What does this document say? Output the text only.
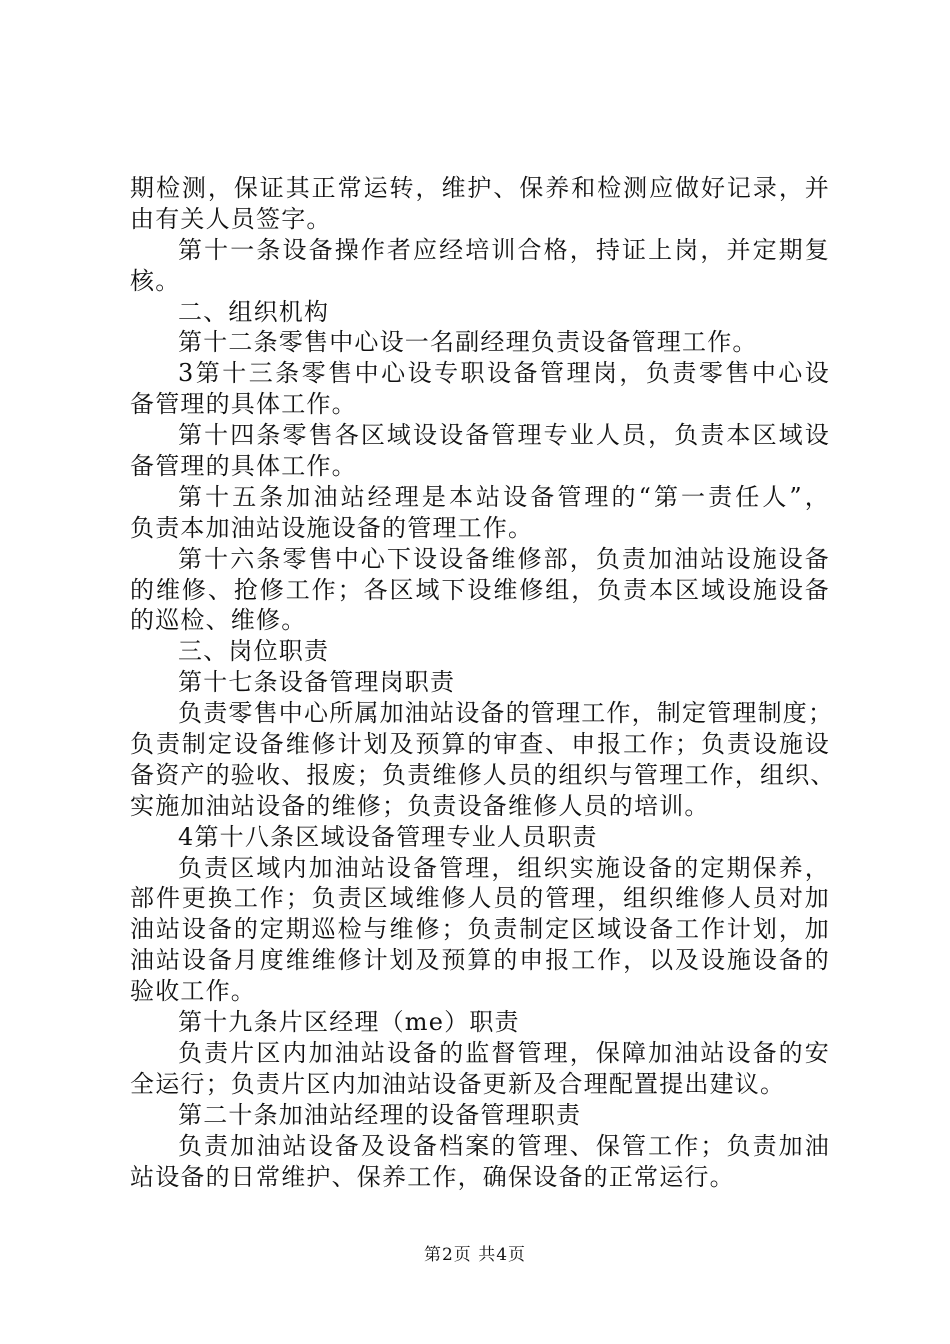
期检测，保证其正常运转，维护、保养和检测应做好记录，并
由有关人员签字。
第十一条设备操作者应经培训合格，持证上岗，并定期复
核。
二、组织机构
第十二条零售中心设一名副经理负责设备管理工作。
3第十三条零售中心设专职设备管理岗，负责零售中心设
备管理的具体工作。
第十四条零售各区域设设备管理专业人员，负责本区域设
备管理的具体工作。
第十五条加油站经理是本站设备管理的“第一责任人”，
负责本加油站设施设备的管理工作。
第十六条零售中心下设设备维修部，负责加油站设施设备
的维修、抢修工作；各区域下设维修组，负责本区域设施设备
的巡检、维修。
三、岗位职责
第十七条设备管理岗职责
负责零售中心所属加油站设备的管理工作，制定管理制度；
负责制定设备维修计划及预算的审查、申报工作；负责设施设
备资产的验收、报废；负责维修人员的组织与管理工作，组织、
实施加油站设备的维修；负责设备维修人员的培训。
4第十八条区域设备管理专业人员职责
负责区域内加油站设备管理，组织实施设备的定期保养，
部件更换工作；负责区域维修人员的管理，组织维修人员对加
油站设备的定期巡检与维修；负责制定区域设备工作计划，加
油站设备月度维维修计划及预算的申报工作，以及设施设备的
验收工作。
第十九条片区经理（me）职责
负责片区内加油站设备的监督管理，保障加油站设备的安
全运行；负责片区内加油站设备更新及合理配置提出建议。
第二十条加油站经理的设备管理职责
负责加油站设备及设备档案的管理、保管工作；负责加油
站设备的日常维护、保养工作，确保设备的正常运行。
第2页 共4页
